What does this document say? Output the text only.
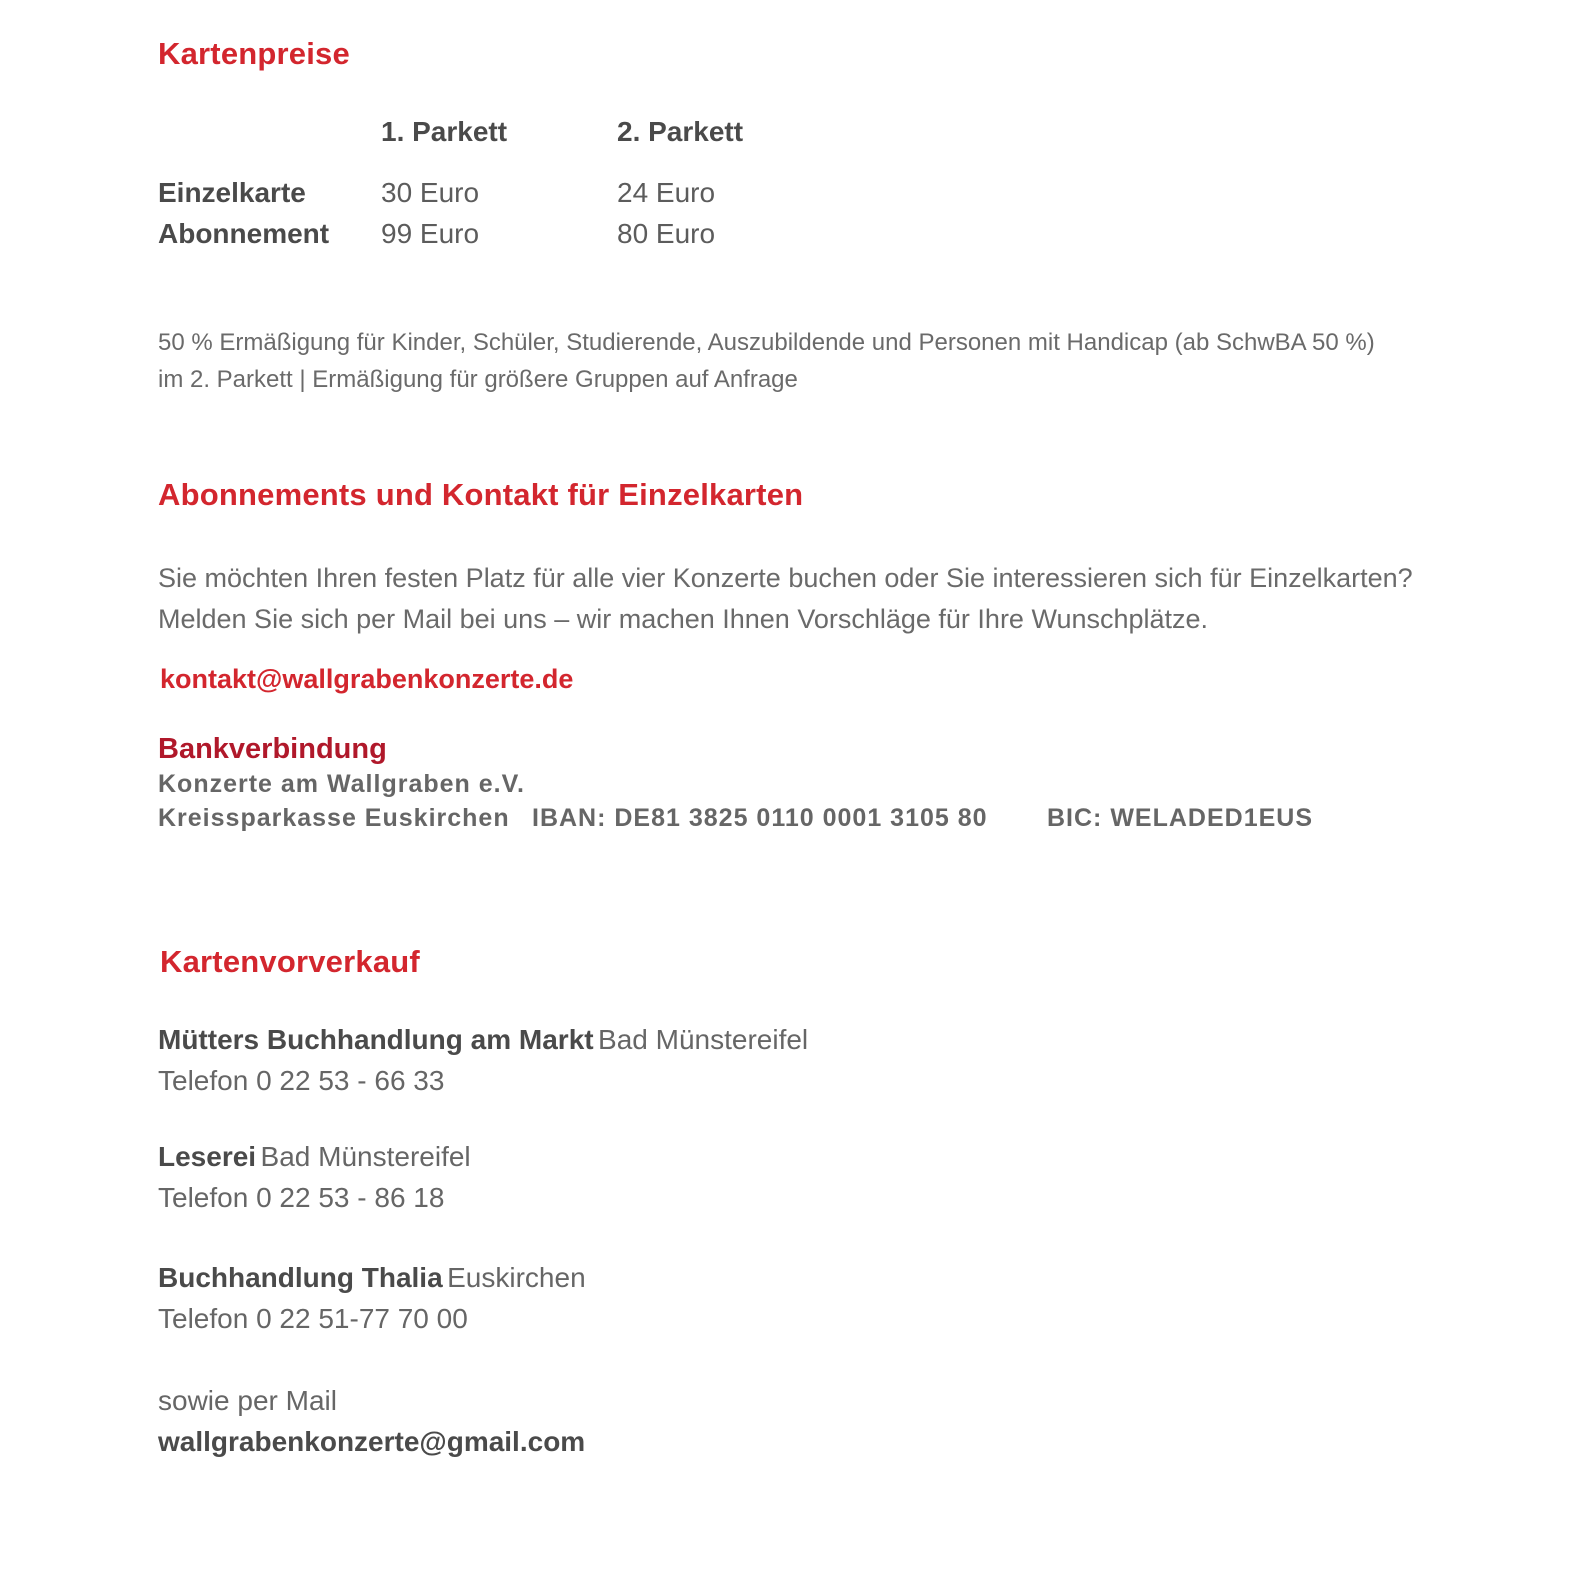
Kartenpreise
1. Parkett	2. Parkett
Einzelkarte	30 Euro	24 Euro
Abonnement 99 Euro	80 Euro
50 % Ermäßigung für Kinder, Schüler, Studierende, Auszubildende und Personen mit Handicap (ab SchwBA 50 %)
im 2. Parkett | Ermäßigung für größere Gruppen auf Anfrage
Abonnements und Kontakt für Einzelkarten
Sie möchten Ihren festen Platz für alle vier Konzerte buchen oder Sie interessieren sich für Einzelkarten?
Melden Sie sich per Mail bei uns – wir machen Ihnen Vorschläge für Ihre Wunschplätze.
kontakt@wallgrabenkonzerte.de
Bankverbindung
Konzerte am Wallgraben e.V.
Kreissparkasse Euskirchen IBAN: DE81 3825 0110 0001 3105 80 BIC: WELADED1EUS
Kartenvorverkauf
Mütters Buchhandlung am Markt Bad Münstereifel
Telefon 0 22 53 - 66 33
Leserei Bad Münstereifel
Telefon 0 22 53 - 86 18
Buchhandlung Thalia Euskirchen
Telefon 0 22 51-77 70 00
sowie per Mail
wallgrabenkonzerte@gmail.com
